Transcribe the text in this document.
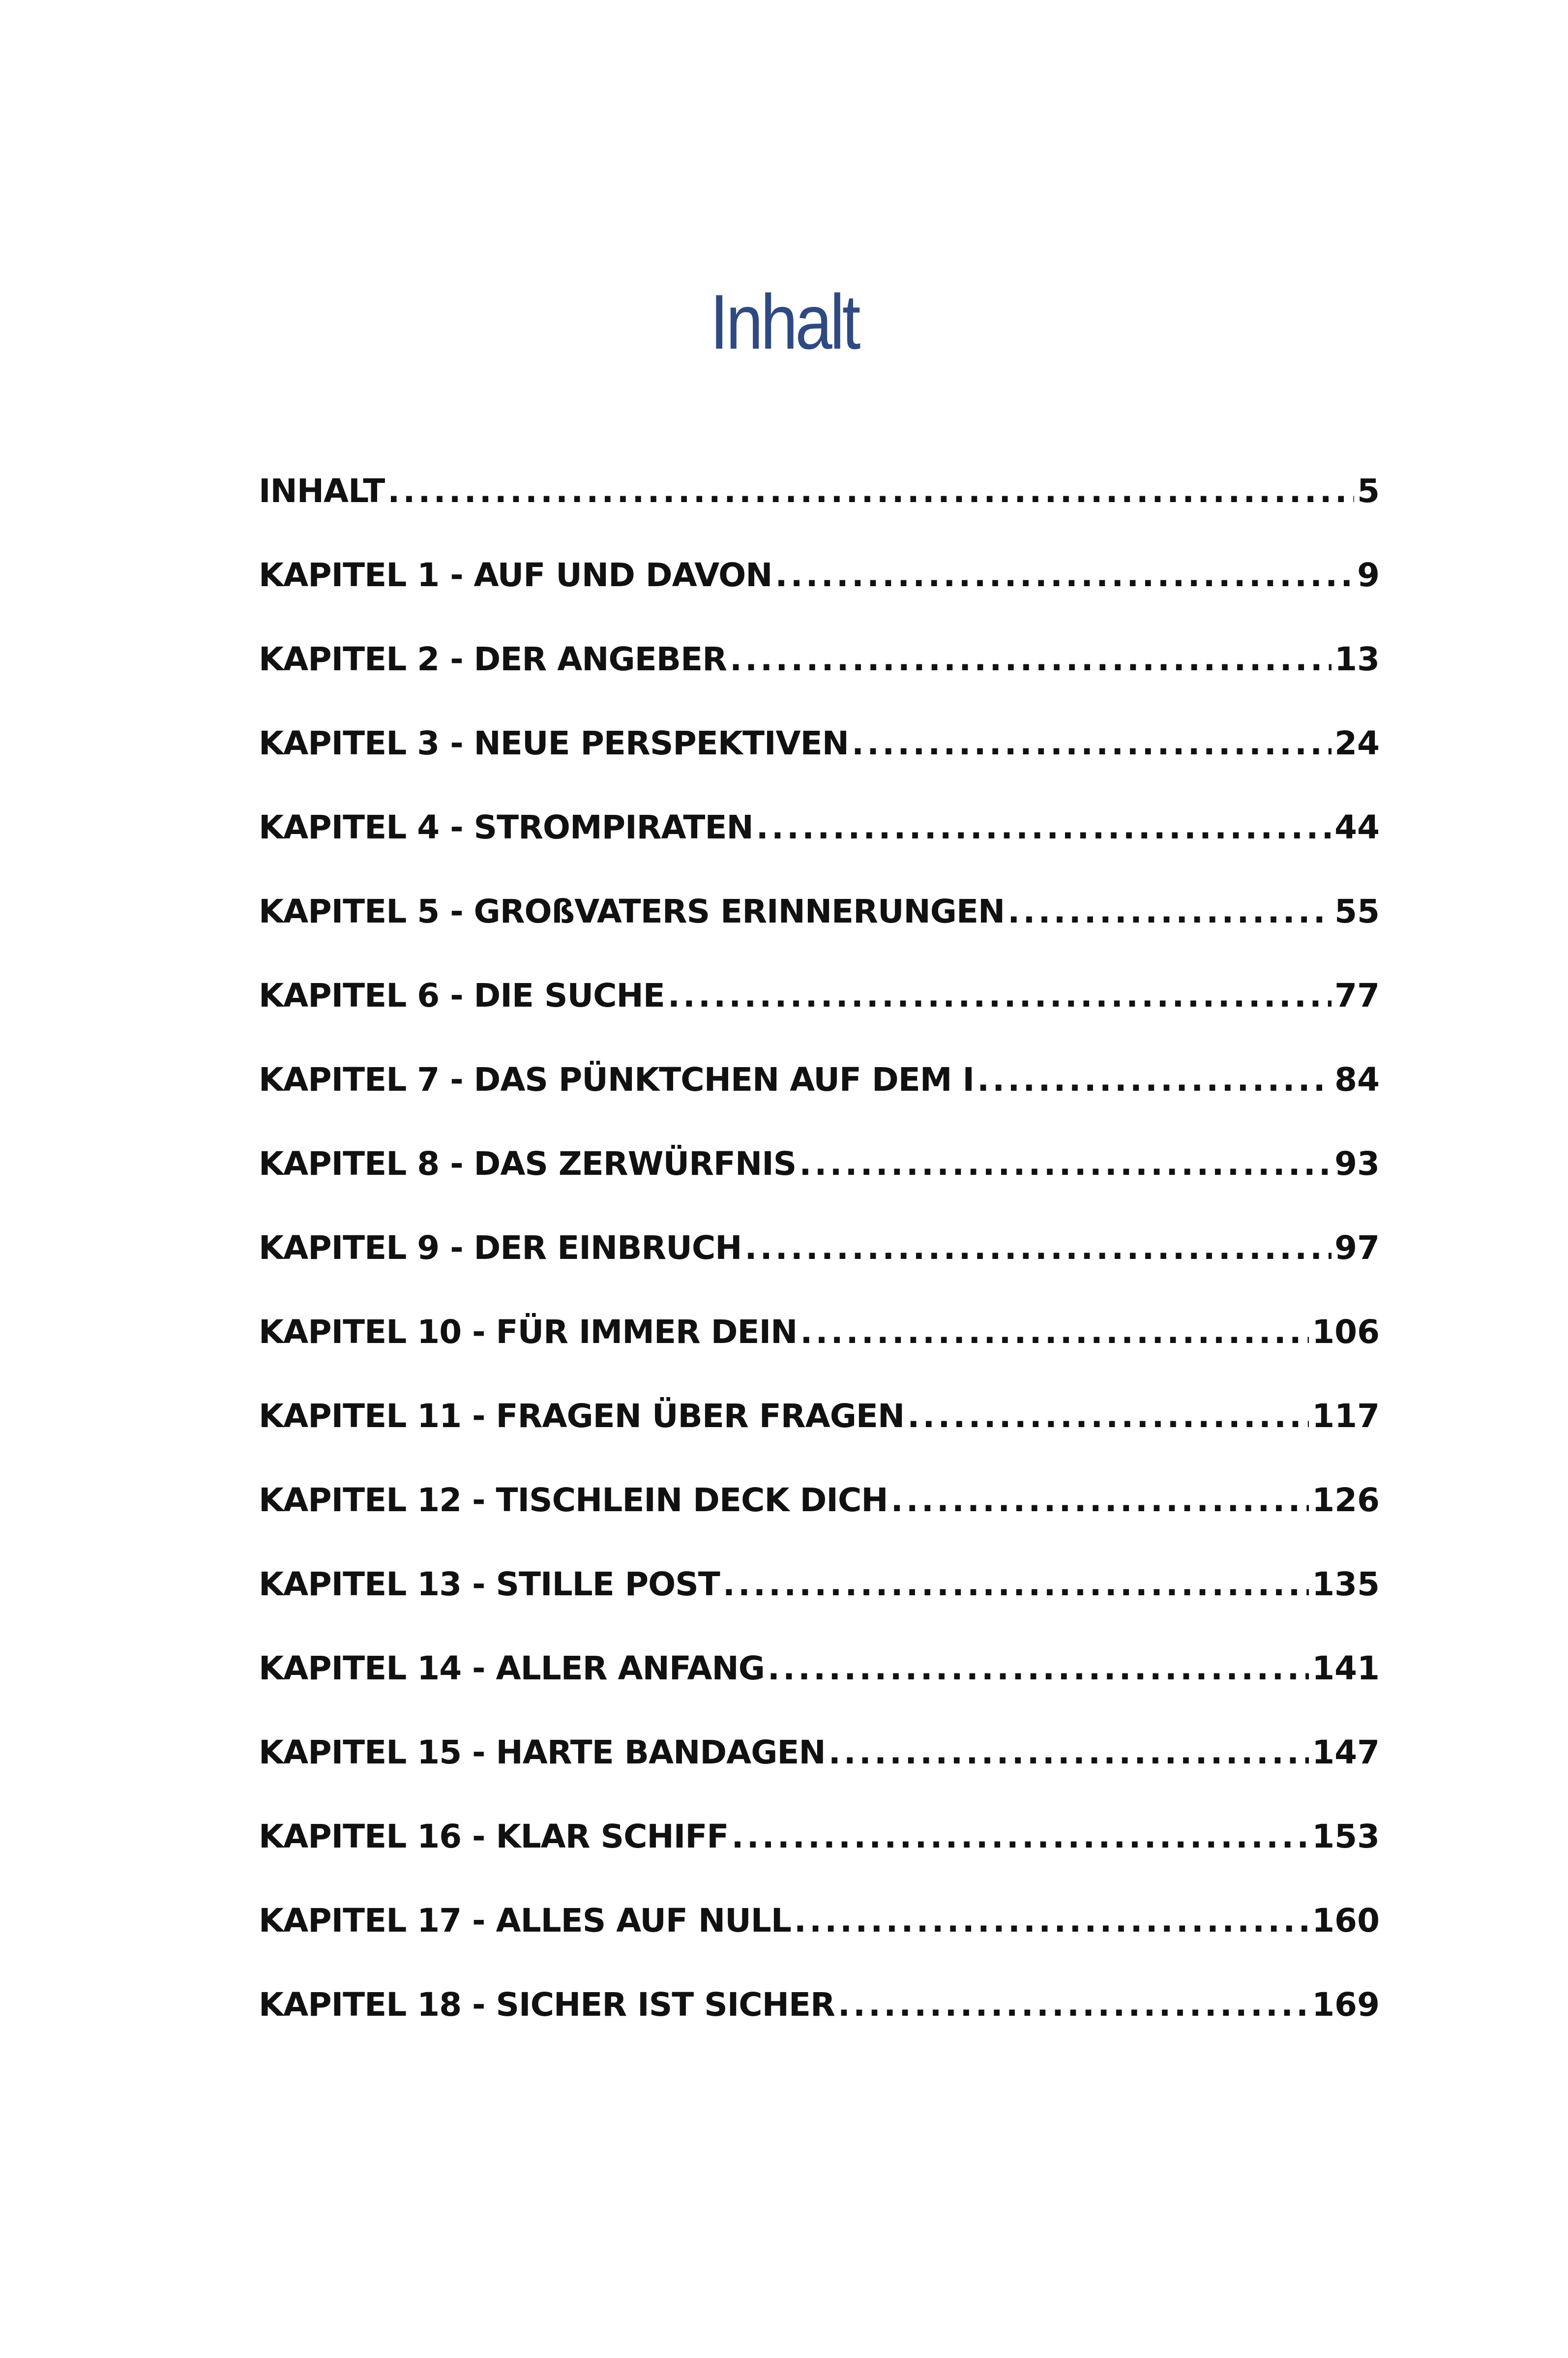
Inhalt
INHALT .....	5
KAPITEL 1 - AUF UND DAVON .....	9
KAPITEL 2 - DER ANGEBER .....	13
KAPITEL 3 - NEUE PERSPEKTIVEN .....	24
KAPITEL 4 - STROMPIRATEN .....	44
KAPITEL 5 - GROßVATERS ERINNERUNGEN .....	55
KAPITEL 6 - DIE SUCHE .....	77
KAPITEL 7 - DAS PÜNKTCHEN AUF DEM I .....	84
KAPITEL 8 - DAS ZERWÜRFNIS .....	93
KAPITEL 9 - DER EINBRUCH .....	97
KAPITEL 10 - FÜR IMMER DEIN .....	106
KAPITEL 11 - FRAGEN ÜBER FRAGEN .....	117
KAPITEL 12 - TISCHLEIN DECK DICH .....	126
KAPITEL 13 - STILLE POST .....	135
KAPITEL 14 - ALLER ANFANG .....	141
KAPITEL 15 - HARTE BANDAGEN .....	147
KAPITEL 16 - KLAR SCHIFF .....	153
KAPITEL 17 - ALLES AUF NULL .....	160
KAPITEL 18 - SICHER IST SICHER .....	169
